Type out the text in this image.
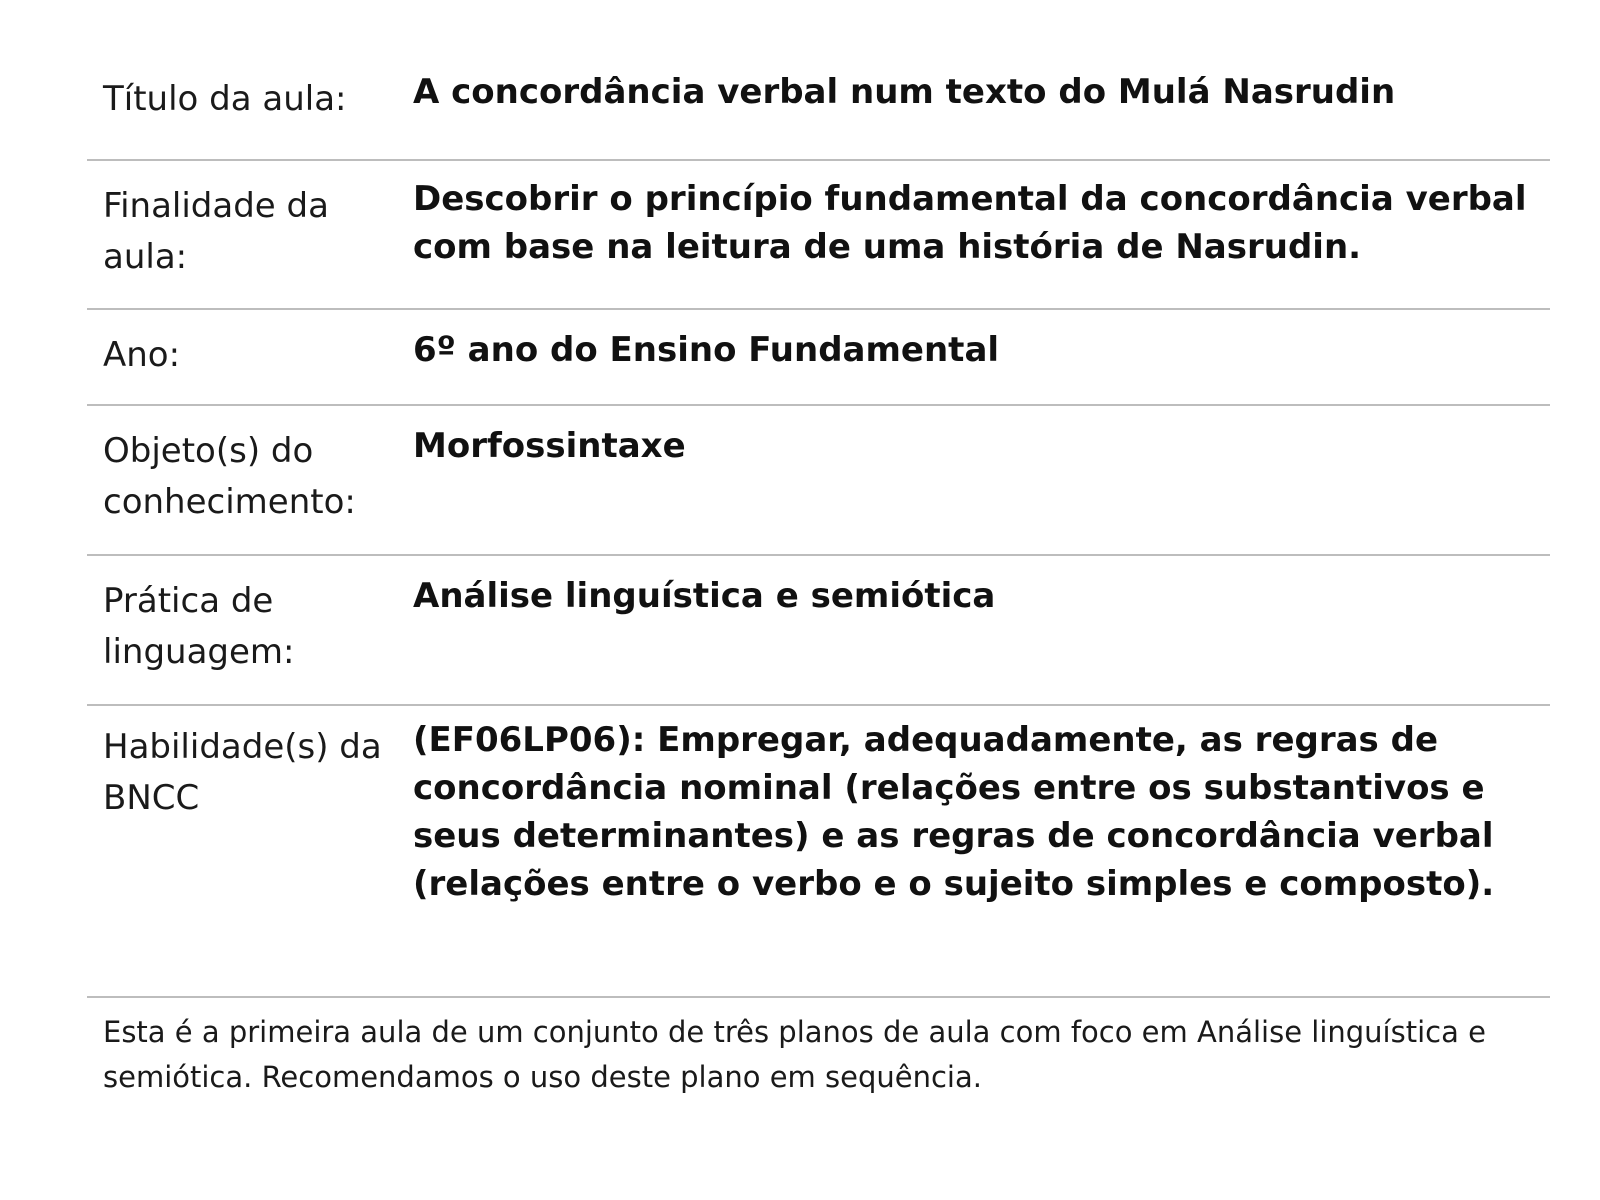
Título da aula:	A concordância verbal num texto do Mulá Nasrudin
Finalidade da aula:
Descobrir o princípio fundamental da concordância verbal com base na leitura de uma história de Nasrudin.
Ano:	6º ano do Ensino Fundamental
Objeto(s) do conhecimento:
Morfossintaxe
Prática de linguagem:
Análise linguística e semiótica
Habilidade(s) da BNCC
(EF06LP06): Empregar, adequadamente, as regras de concordância nominal (relações entre os substantivos e seus determinantes) e as regras de concordância verbal (relações entre o verbo e o sujeito simples e composto).
Esta é a primeira aula de um conjunto de três planos de aula com foco em Análise linguística e semiótica. Recomendamos o uso deste plano em sequência.
